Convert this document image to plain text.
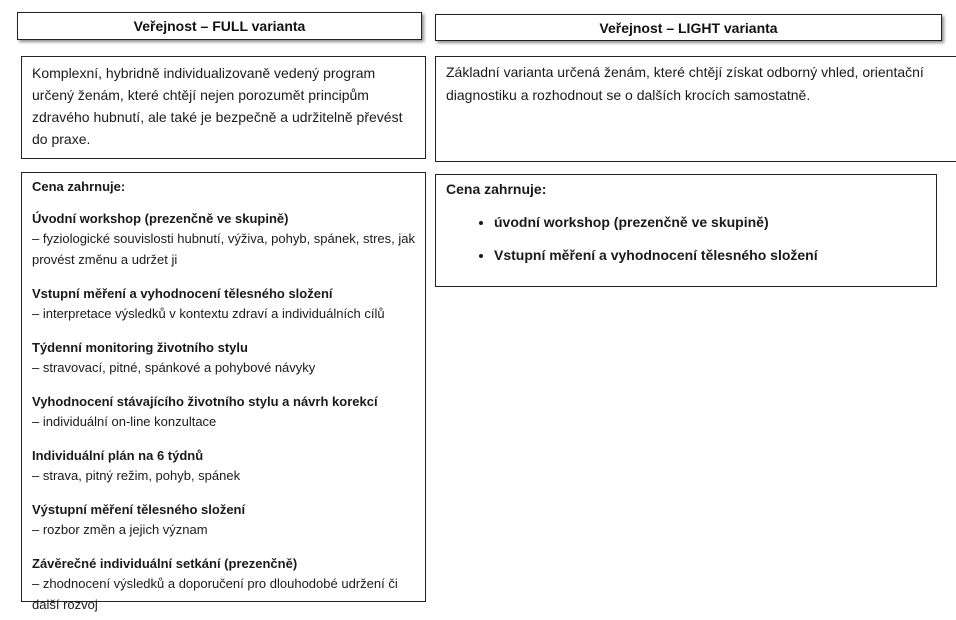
Veřejnost – FULL varianta
Komplexní, hybridně individualizovaně vedený program určený ženám, které chtějí nejen porozumět principům zdravého hubnutí, ale také je bezpečně a udržitelně převést do praxe.
Cena zahrnuje:
Úvodní workshop (prezenčně ve skupině)
– fyziologické souvislosti hubnutí, výživa, pohyb, spánek, stres, jak provést změnu a udržet ji
Vstupní měření a vyhodnocení tělesného složení
– interpretace výsledků v kontextu zdraví a individuálních cílů
Týdenní monitoring životního stylu
– stravovací, pitné, spánkové a pohybové návyky
Vyhodnocení stávajícího životního stylu a návrh korekcí
– individuální on-line konzultace
Individuální plán na 6 týdnů
– strava, pitný režim, pohyb, spánek
Výstupní měření tělesného složení
– rozbor změn a jejich význam
Závěrečné individuální setkání (prezenčně)
– zhodnocení výsledků a doporučení pro dlouhodobé udržení či další rozvoj
Veřejnost – LIGHT varianta
Základní varianta určená ženám, které chtějí získat odborný vhled, orientační diagnostiku a rozhodnout se o dalších krocích samostatně.
Cena zahrnuje:
• úvodní workshop (prezenčně ve skupině)
• Vstupní měření a vyhodnocení tělesného složení
